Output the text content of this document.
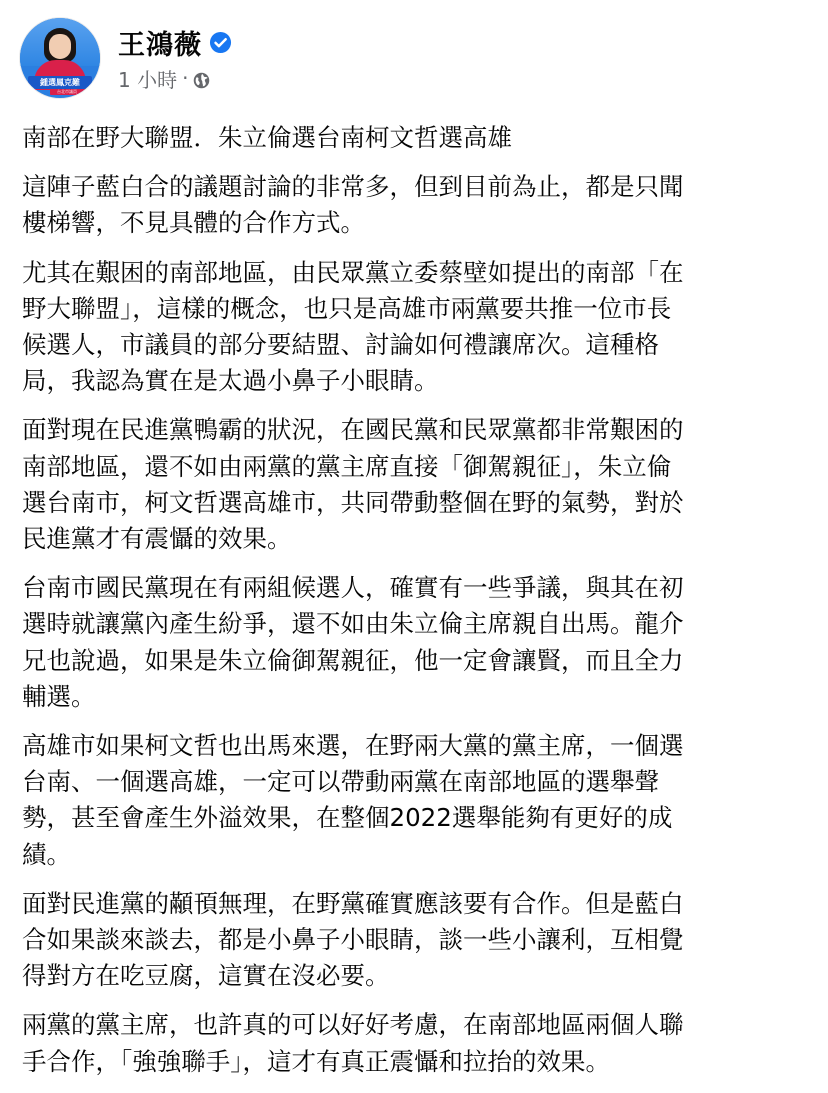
鍾選鳳克難
台北市議員
王鴻薇
1 小時 ·

南部在野大聯盟．朱立倫選台南柯文哲選高雄

這陣子藍白合的議題討論的非常多，但到目前為止，都是只聞
樓梯響，不見具體的合作方式。

尤其在艱困的南部地區，由民眾黨立委蔡壁如提出的南部「在
野大聯盟」，這樣的概念，也只是高雄市兩黨要共推一位市長
候選人，市議員的部分要結盟、討論如何禮讓席次。這種格
局，我認為實在是太過小鼻子小眼睛。

面對現在民進黨鴨霸的狀況，在國民黨和民眾黨都非常艱困的
南部地區，還不如由兩黨的黨主席直接「御駕親征」，朱立倫
選台南市，柯文哲選高雄市，共同帶動整個在野的氣勢，對於
民進黨才有震懾的效果。

台南市國民黨現在有兩組候選人，確實有一些爭議，與其在初
選時就讓黨內產生紛爭，還不如由朱立倫主席親自出馬。龍介
兄也說過，如果是朱立倫御駕親征，他一定會讓賢，而且全力
輔選。

高雄市如果柯文哲也出馬來選，在野兩大黨的黨主席，一個選
台南、一個選高雄，一定可以帶動兩黨在南部地區的選舉聲
勢，甚至會產生外溢效果，在整個2022選舉能夠有更好的成
績。

面對民進黨的顢頇無理，在野黨確實應該要有合作。但是藍白
合如果談來談去，都是小鼻子小眼睛，談一些小讓利，互相覺
得對方在吃豆腐，這實在沒必要。

兩黨的黨主席，也許真的可以好好考慮，在南部地區兩個人聯
手合作，「強強聯手」，這才有真正震懾和拉抬的效果。
